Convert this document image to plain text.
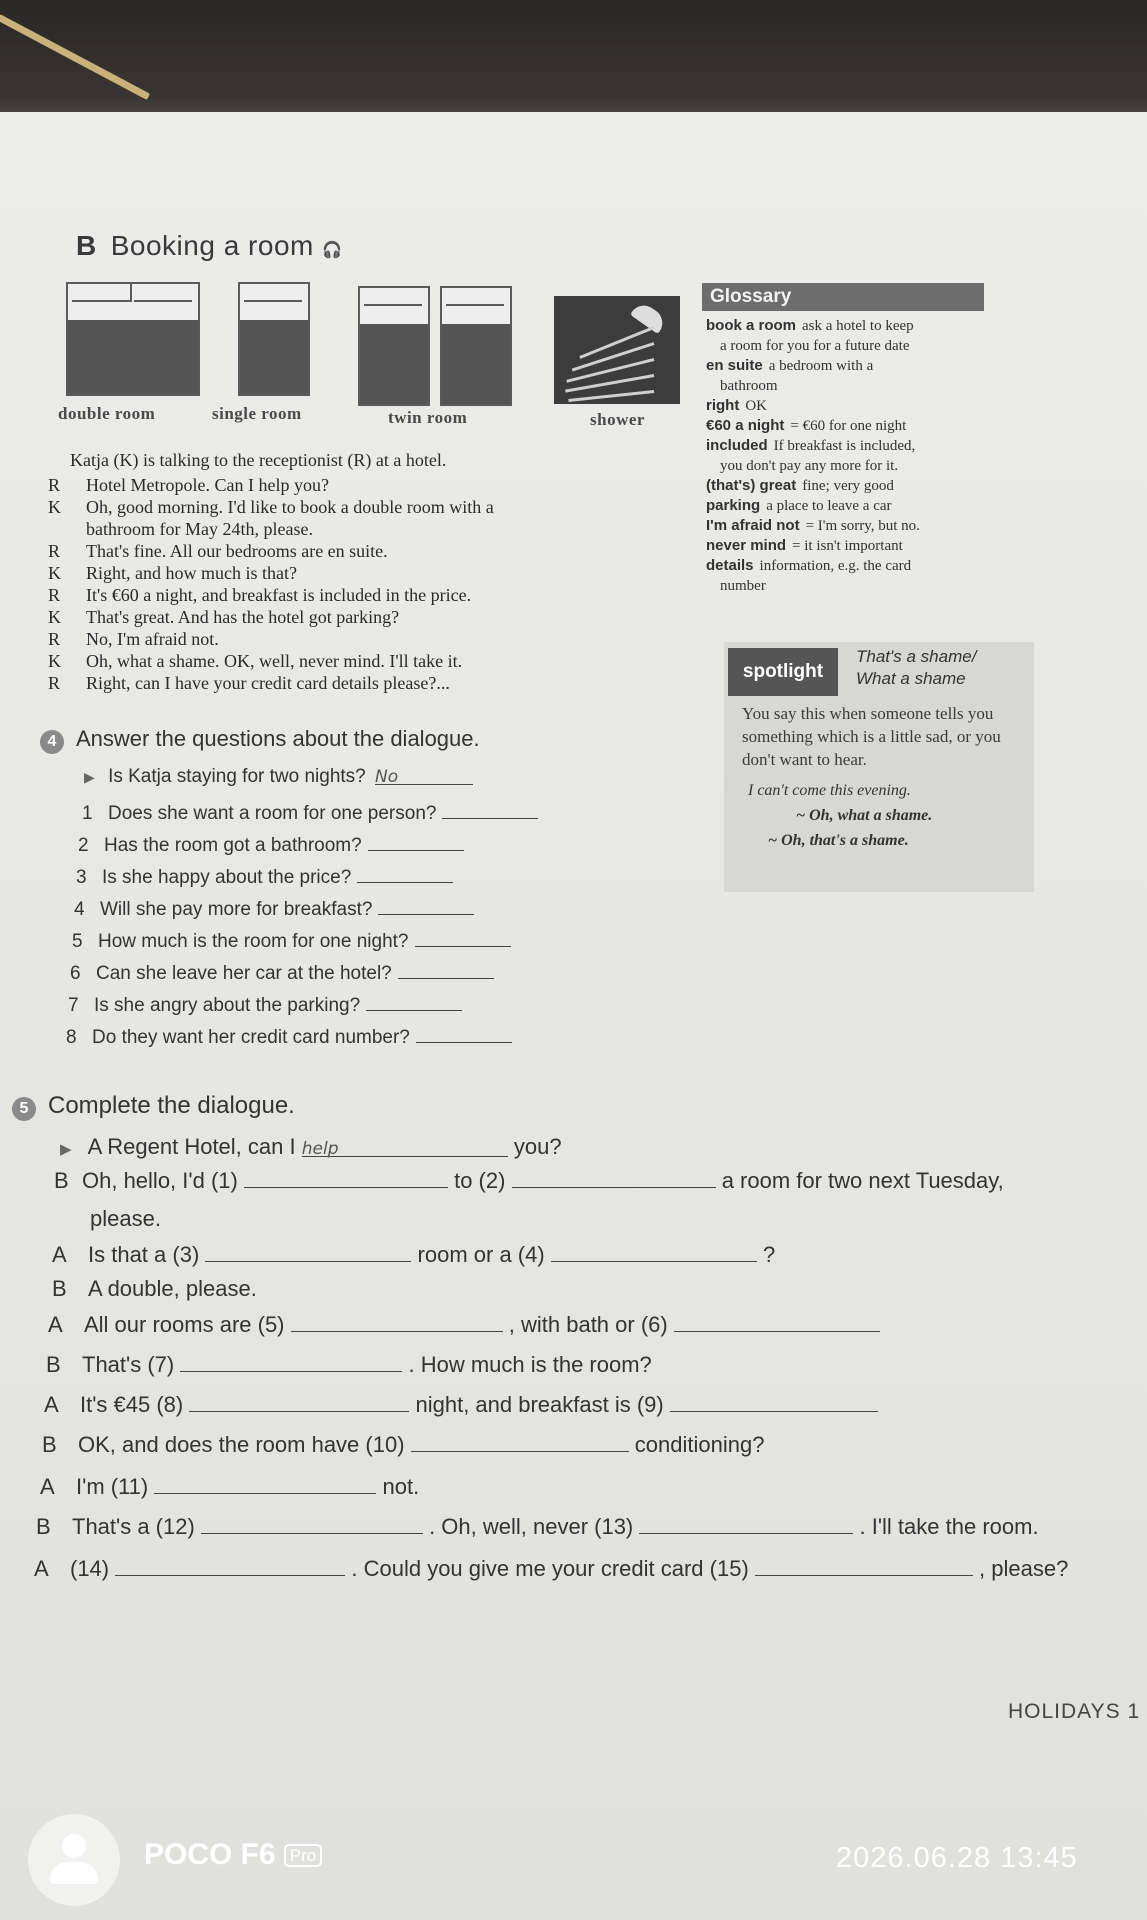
B Booking a room 🎧
double room	single room	twin room	shower
Glossary
book a room ask a hotel to keep
a room for you for a future date
en suite a bedroom with a
bathroom
right OK
€60 a night = €60 for one night
included If breakfast is included,
you don't pay any more for it.
(that's) great fine; very good
parking a place to leave a car
I'm afraid not = I'm sorry, but no.
never mind = it isn't important
details information, e.g. the card
number
Katja (K) is talking to the receptionist (R) at a hotel.
R	Hotel Metropole. Can I help you?
K	Oh, good morning. I'd like to book a double room with a
bathroom for May 24th, please.
R	That's fine. All our bedrooms are en suite.
K	Right, and how much is that?
R	It's €60 a night, and breakfast is included in the price.
K	That's great. And has the hotel got parking?
R	No, I'm afraid not.
K	Oh, what a shame. OK, well, never mind. I'll take it.
R	Right, can I have your credit card details please?...
spotlight
That's a shame/
What a shame
You say this when someone tells you something which is a little sad, or you don't want to hear.
I can't come this evening.
~ Oh, what a shame.
~ Oh, that's a shame.
4 Answer the questions about the dialogue.
▶ Is Katja staying for two nights? No
1 Does she want a room for one person?
2 Has the room got a bathroom?
3 Is she happy about the price?
4 Will she pay more for breakfast?
5 How much is the room for one night?
6 Can she leave her car at the hotel?
7 Is she angry about the parking?
8 Do they want her credit card number?
5 Complete the dialogue.
▶ A Regent Hotel, can I help	you?
B Oh, hello, I'd (1)	to (2)	a room for two next Tuesday,
please.
A Is that a (3)	room or a (4)	?
B A double, please.
A All our rooms are (5)	, with bath or (6)
B That's (7)	. How much is the room?
A It's €45 (8)	night, and breakfast is (9)
B OK, and does the room have (10)	conditioning?
A I'm (11)	not.
B That's a (12)	. Oh, well, never (13)	. I'll take the room.
A (14)	. Could you give me your credit card (15)	, please?
HOLIDAYS 1
POCO F6 Pro	2026.06.28 13:45
